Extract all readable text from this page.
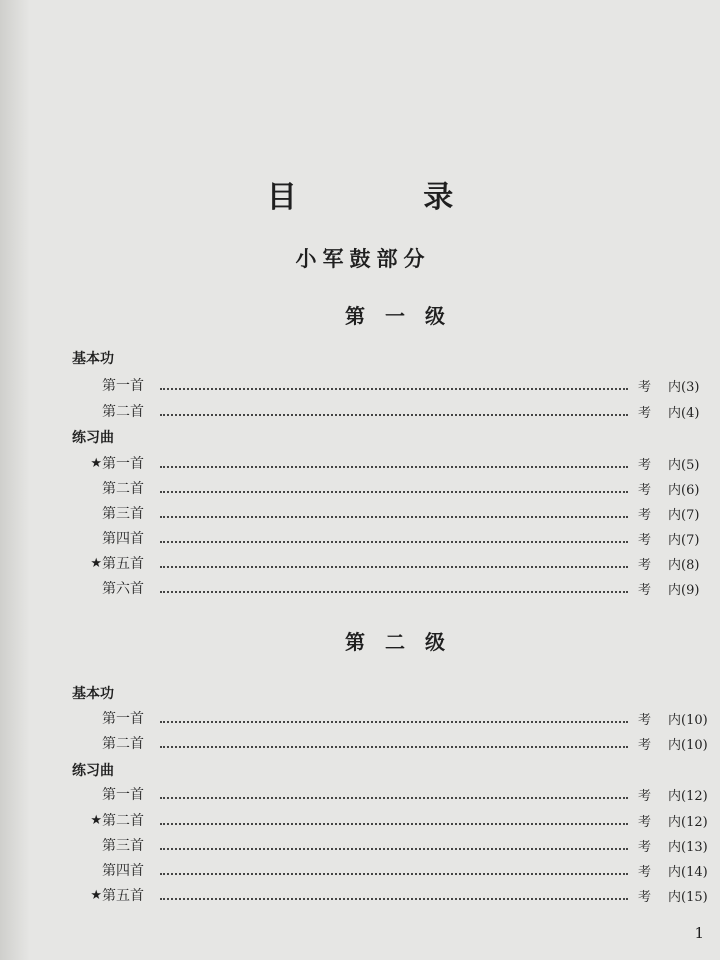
目 录
小军鼓部分
第一级
基本功
第一首	考	内(3)
第二首	考	内(4)
练习曲
★ 第一首	考	内(5)
第二首	考	内(6)
第三首	考	内(7)
第四首	考	内(7)
★ 第五首	考	内(8)
第六首	考	内(9)
第二级
基本功
第一首	考	内(10)
第二首	考	内(10)
练习曲
第一首	考	内(12)
★ 第二首	考	内(12)
第三首	考	内(13)
第四首	考	内(14)
★ 第五首	考	内(15)
1
